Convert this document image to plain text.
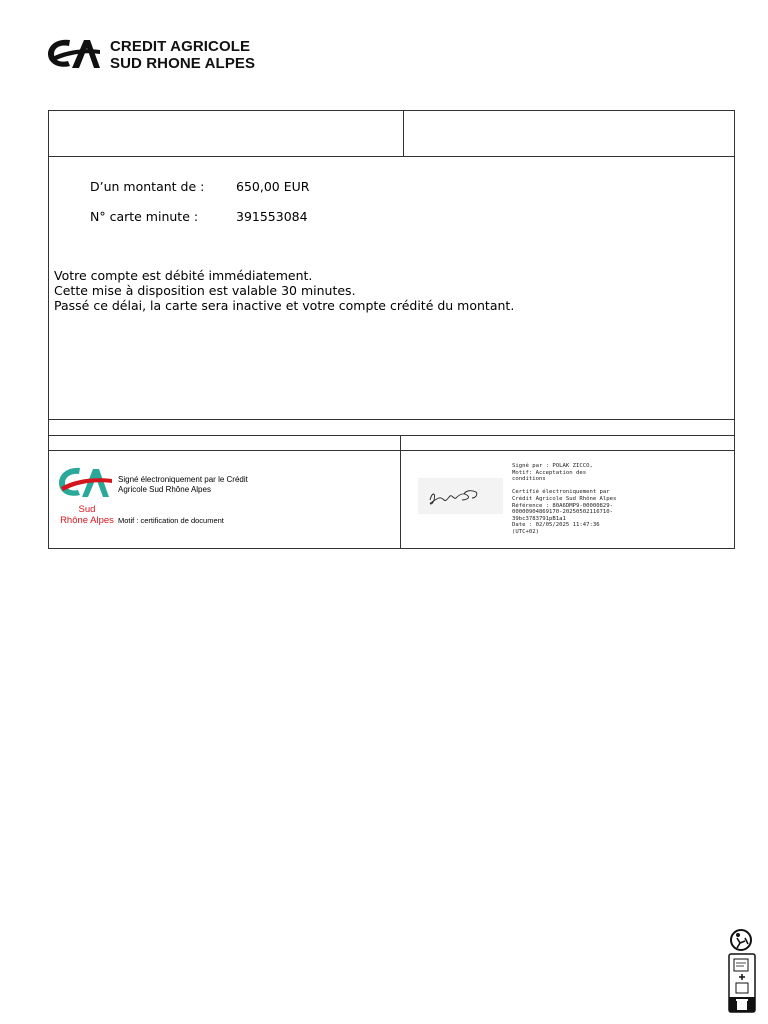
CREDIT AGRICOLE
SUD RHONE ALPES
D’un montant de :	650,00 EUR
N° carte minute :	391553084
Votre compte est débité immédiatement.
Cette mise à disposition est valable 30 minutes.
Passé ce délai, la carte sera inactive et votre compte crédité du montant.
Sud
Rhône Alpes
Signé électroniquement par le Crédit Agricole Sud Rhône Alpes
Motif : certification de document
Signé par : POLAK ZICCO,
Motif: Acceptation des
conditions

Certifié électroniquement par
Crédit Agricole Sud Rhône Alpes
Référence : 80A6DMP9-00000829-
00000904869170-20250502116710-
39bc3783791pB1a1
Date : 02/05/2025 11:47:36
(UTC+02)
